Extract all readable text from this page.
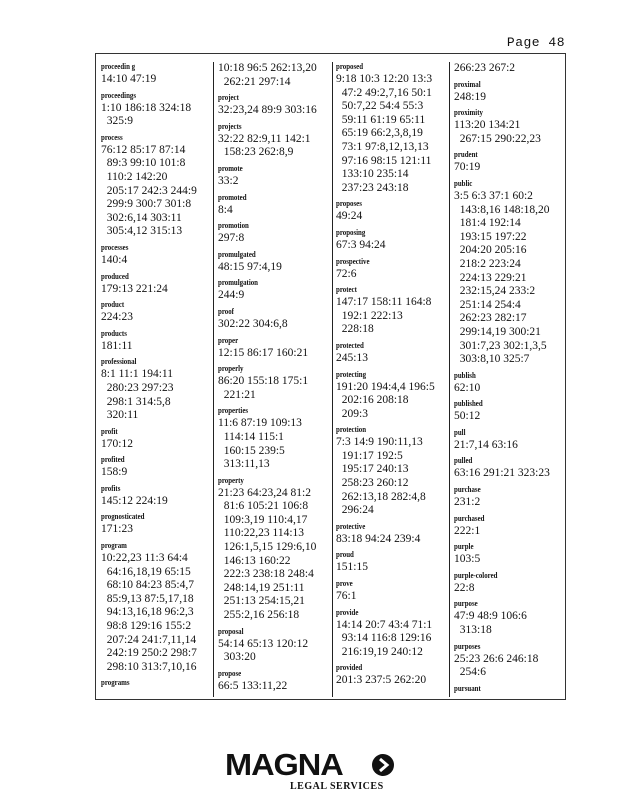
Page 48
proceedin g
14:10 47:19
proceedings
1:10 186:18 324:18
325:9
process
76:12 85:17 87:14
89:3 99:10 101:8
110:2 142:20
205:17 242:3 244:9
299:9 300:7 301:8
302:6,14 303:11
305:4,12 315:13
processes
140:4
produced
179:13 221:24
product
224:23
products
181:11
professional
8:1 11:1 194:11
280:23 297:23
298:1 314:5,8
320:11
profit
170:12
profited
158:9
profits
145:12 224:19
prognosticated
171:23
program
10:22,23 11:3 64:4
64:16,18,19 65:15
68:10 84:23 85:4,7
85:9,13 87:5,17,18
94:13,16,18 96:2,3
98:8 129:16 155:2
207:24 241:7,11,14
242:19 250:2 298:7
298:10 313:7,10,16
programs
10:18 96:5 262:13,20
262:21 297:14
project
32:23,24 89:9 303:16
projects
32:22 82:9,11 142:1
158:23 262:8,9
promote
33:2
promoted
8:4
promotion
297:8
promulgated
48:15 97:4,19
promulgation
244:9
proof
302:22 304:6,8
proper
12:15 86:17 160:21
properly
86:20 155:18 175:1
221:21
properties
11:6 87:19 109:13
114:14 115:1
160:15 239:5
313:11,13
property
21:23 64:23,24 81:2
81:6 105:21 106:8
109:3,19 110:4,17
110:22,23 114:13
126:1,5,15 129:6,10
146:13 160:22
222:3 238:18 248:4
248:14,19 251:11
251:13 254:15,21
255:2,16 256:18
proposal
54:14 65:13 120:12
303:20
propose
66:5 133:11,22
proposed
9:18 10:3 12:20 13:3
47:2 49:2,7,16 50:1
50:7,22 54:4 55:3
59:11 61:19 65:11
65:19 66:2,3,8,19
73:1 97:8,12,13,13
97:16 98:15 121:11
133:10 235:14
237:23 243:18
proposes
49:24
proposing
67:3 94:24
prospective
72:6
protect
147:17 158:11 164:8
192:1 222:13
228:18
protected
245:13
protecting
191:20 194:4,4 196:5
202:16 208:18
209:3
protection
7:3 14:9 190:11,13
191:17 192:5
195:17 240:13
258:23 260:12
262:13,18 282:4,8
296:24
protective
83:18 94:24 239:4
proud
151:15
prove
76:1
provide
14:14 20:7 43:4 71:1
93:14 116:8 129:16
216:19,19 240:12
provided
201:3 237:5 262:20
266:23 267:2
proximal
248:19
proximity
113:20 134:21
267:15 290:22,23
prudent
70:19
public
3:5 6:3 37:1 60:2
143:8,16 148:18,20
181:4 192:14
193:15 197:22
204:20 205:16
218:2 223:24
224:13 229:21
232:15,24 233:2
251:14 254:4
262:23 282:17
299:14,19 300:21
301:7,23 302:1,3,5
303:8,10 325:7
publish
62:10
published
50:12
pull
21:7,14 63:16
pulled
63:16 291:21 323:23
purchase
231:2
purchased
222:1
purple
103:5
purple-colored
22:8
purpose
47:9 48:9 106:6
313:18
purposes
25:23 26:6 246:18
254:6
pursuant
MAGNA
LEGAL SERVICES
